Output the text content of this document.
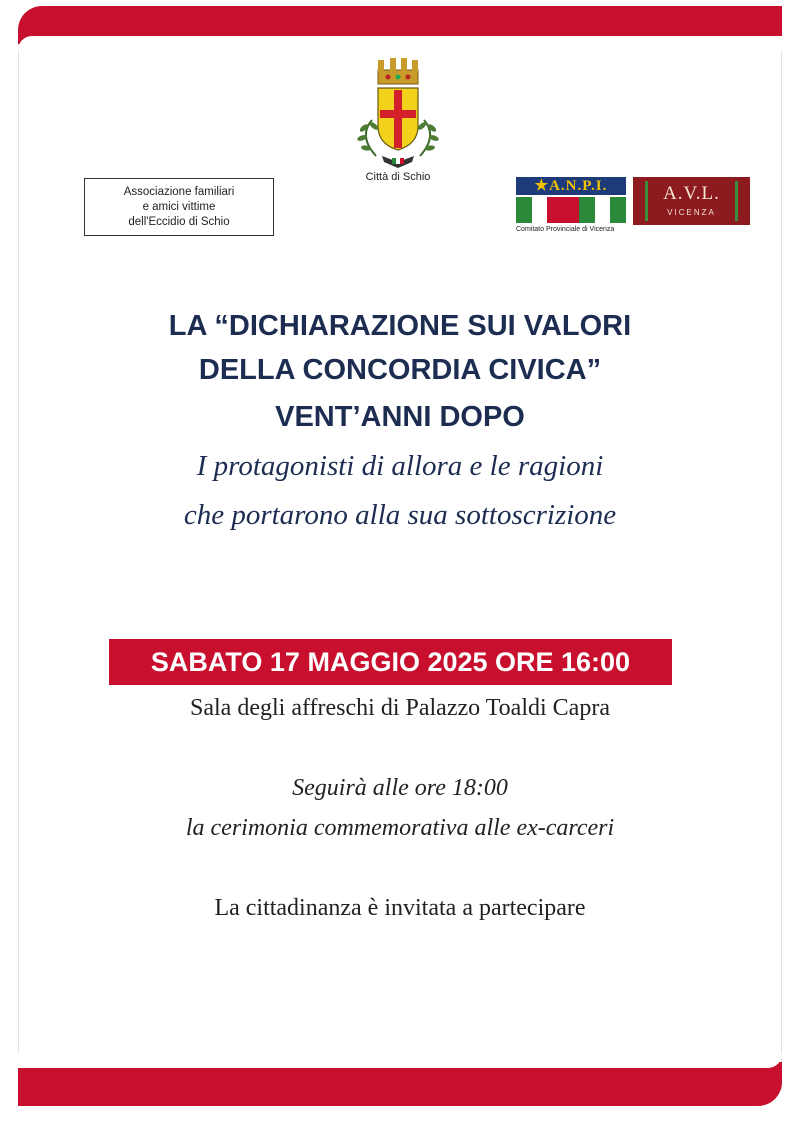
Città di Schio
Associazione familiari
e amici vittime
dell'Eccidio di Schio
★A.N.P.I.
Comitato Provinciale di Vicenza
A.V.L.
VICENZA
LA “DICHIARAZIONE SUI VALORI
DELLA CONCORDIA CIVICA”
VENT’ANNI DOPO
I protagonisti di allora e le ragioni
che portarono alla sua sottoscrizione
SABATO 17 MAGGIO 2025 ORE 16:00
Sala degli affreschi di Palazzo Toaldi Capra
Seguirà alle ore 18:00
la cerimonia commemorativa alle ex-carceri
La cittadinanza è invitata a partecipare
